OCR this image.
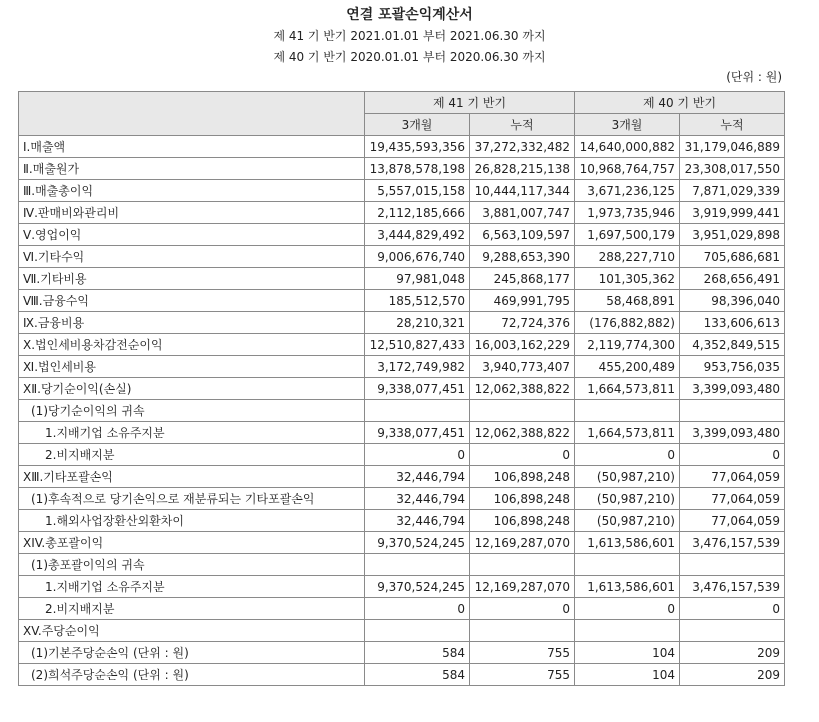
연결 포괄손익계산서
제 41 기 반기 2021.01.01 부터 2021.06.30 까지
제 40 기 반기 2020.01.01 부터 2020.06.30 까지
(단위 : 원)
	제 41 기 반기		제 40 기 반기	
	3개월	누적	3개월	누적
Ⅰ.매출액	19,435,593,356	37,272,332,482	14,640,000,882	31,179,046,889
Ⅱ.매출원가	13,878,578,198	26,828,215,138	10,968,764,757	23,308,017,550
Ⅲ.매출총이익	5,557,015,158	10,444,117,344	3,671,236,125	7,871,029,339
Ⅳ.판매비와관리비	2,112,185,666	3,881,007,747	1,973,735,946	3,919,999,441
Ⅴ.영업이익	3,444,829,492	6,563,109,597	1,697,500,179	3,951,029,898
Ⅵ.기타수익	9,006,676,740	9,288,653,390	288,227,710	705,686,681
Ⅶ.기타비용	97,981,048	245,868,177	101,305,362	268,656,491
Ⅷ.금융수익	185,512,570	469,991,795	58,468,891	98,396,040
Ⅸ.금융비용	28,210,321	72,724,376	(176,882,882)	133,606,613
Ⅹ.법인세비용차감전순이익	12,510,827,433	16,003,162,229	2,119,774,300	4,352,849,515
Ⅺ.법인세비용	3,172,749,982	3,940,773,407	455,200,489	953,756,035
ⅩⅡ.당기순이익(손실)	9,338,077,451	12,062,388,822	1,664,573,811	3,399,093,480
(1)당기순이익의 귀속				
1.지배기업 소유주지분	9,338,077,451	12,062,388,822	1,664,573,811	3,399,093,480
2.비지배지분	0	0	0	0
ⅩⅢ.기타포괄손익	32,446,794	106,898,248	(50,987,210)	77,064,059
(1)후속적으로 당기손익으로 재분류되는 기타포괄손익	32,446,794	106,898,248	(50,987,210)	77,064,059
1.해외사업장환산외환차이	32,446,794	106,898,248	(50,987,210)	77,064,059
XIV.총포괄이익	9,370,524,245	12,169,287,070	1,613,586,601	3,476,157,539
(1)총포괄이익의 귀속				
1.지배기업 소유주지분	9,370,524,245	12,169,287,070	1,613,586,601	3,476,157,539
2.비지배지분	0	0	0	0
XV.주당순이익				
(1)기본주당순손익 (단위 : 원)	584	755	104	209
(2)희석주당순손익 (단위 : 원)	584	755	104	209
